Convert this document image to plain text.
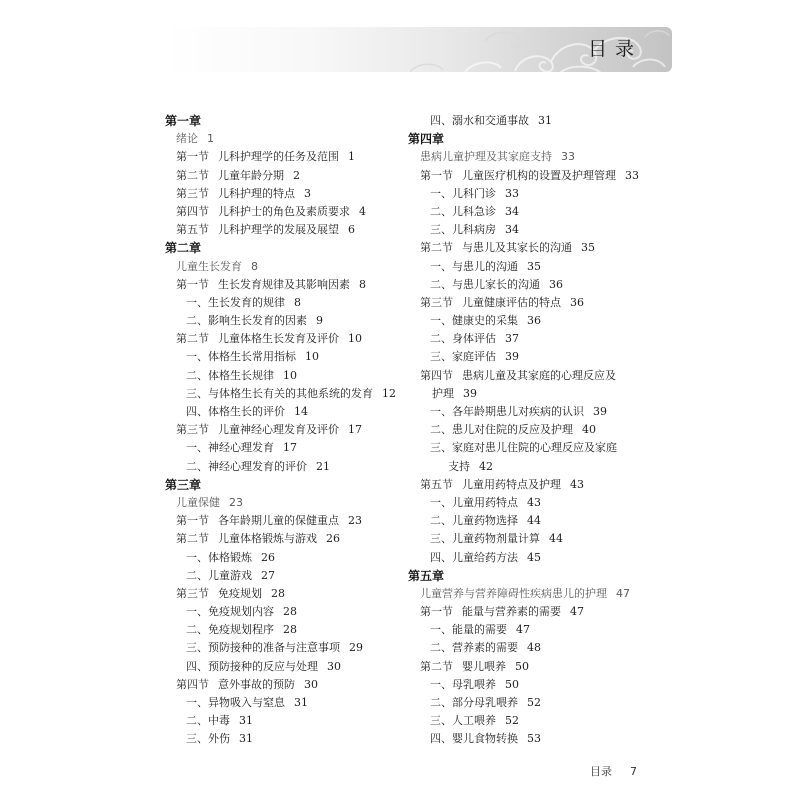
目 录
第一章
绪论 1
第一节 儿科护理学的任务及范围 1
第二节 儿童年龄分期 2
第三节 儿科护理的特点 3
第四节 儿科护士的角色及素质要求 4
第五节 儿科护理学的发展及展望 6
第二章
儿童生长发育 8
第一节 生长发育规律及其影响因素 8
一、生长发育的规律 8
二、影响生长发育的因素 9
第二节 儿童体格生长发育及评价 10
一、体格生长常用指标 10
二、体格生长规律 10
三、与体格生长有关的其他系统的发育 12
四、体格生长的评价 14
第三节 儿童神经心理发育及评价 17
一、神经心理发育 17
二、神经心理发育的评价 21
第三章
儿童保健 23
第一节 各年龄期儿童的保健重点 23
第二节 儿童体格锻炼与游戏 26
一、体格锻炼 26
二、儿童游戏 27
第三节 免疫规划 28
一、免疫规划内容 28
二、免疫规划程序 28
三、预防接种的准备与注意事项 29
四、预防接种的反应与处理 30
第四节 意外事故的预防 30
一、异物吸入与窒息 31
二、中毒 31
三、外伤 31
四、溺水和交通事故 31
第四章
患病儿童护理及其家庭支持 33
第一节 儿童医疗机构的设置及护理管理 33
一、儿科门诊 33
二、儿科急诊 34
三、儿科病房 34
第二节 与患儿及其家长的沟通 35
一、与患儿的沟通 35
二、与患儿家长的沟通 36
第三节 儿童健康评估的特点 36
一、健康史的采集 36
二、身体评估 37
三、家庭评估 39
第四节 患病儿童及其家庭的心理反应及
护理 39
一、各年龄期患儿对疾病的认识 39
二、患儿对住院的反应及护理 40
三、家庭对患儿住院的心理反应及家庭
支持 42
第五节 儿童用药特点及护理 43
一、儿童用药特点 43
二、儿童药物选择 44
三、儿童药物剂量计算 44
四、儿童给药方法 45
第五章
儿童营养与营养障碍性疾病患儿的护理 47
第一节 能量与营养素的需要 47
一、能量的需要 47
二、营养素的需要 48
第二节 婴儿喂养 50
一、母乳喂养 50
二、部分母乳喂养 52
三、人工喂养 52
四、婴儿食物转换 53
目录 7
